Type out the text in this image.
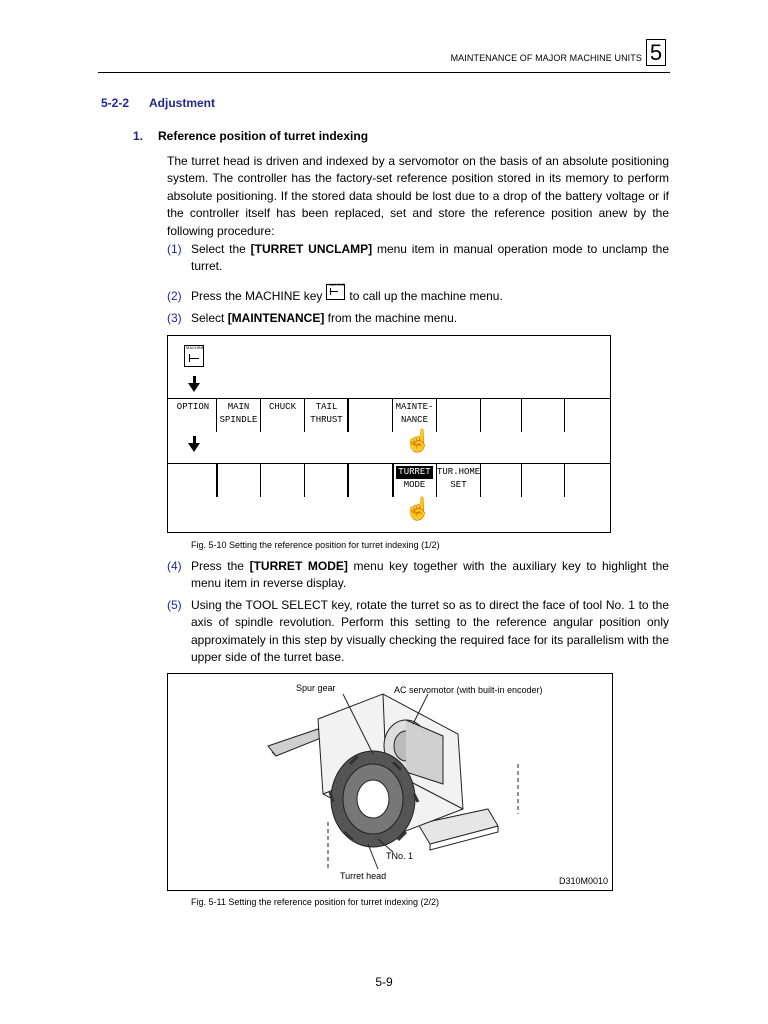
MAINTENANCE OF MAJOR MACHINE UNITS 5
5-2-2 Adjustment
1. Reference position of turret indexing
The turret head is driven and indexed by a servomotor on the basis of an absolute positioning system. The controller has the factory-set reference position stored in its memory to perform absolute positioning. If the stored data should be lost due to a drop of the battery voltage or if the controller itself has been replaced, set and store the reference position anew by the following procedure:
(1) Select the [TURRET UNCLAMP] menu item in manual operation mode to unclamp the turret.
(2) Press the MACHINE key
MACHINE
to call up the machine menu.
(3) Select [MAINTENANCE] from the machine menu.
MACHINE
OPTION	MAIN
SPINDLE
CHUCK	TAIL
THRUST
MAINTE-
NANCE
☝
TURRET
MODE
TUR.HOME
SET
☝
Fig. 5-10 Setting the reference position for turret indexing (1/2)
(4) Press the [TURRET MODE] menu key together with the auxiliary key to highlight the menu item in reverse display.
(5) Using the TOOL SELECT key, rotate the turret so as to direct the face of tool No. 1 to the axis of spindle revolution. Perform this setting to the reference angular position only approximately in this step by visually checking the required face for its parallelism with the upper side of the turret base.
Spur gear	AC servomotor (with built-in encoder)
TNo. 1
Turret head	D310M0010
Fig. 5-11 Setting the reference position for turret indexing (2/2)
5-9
